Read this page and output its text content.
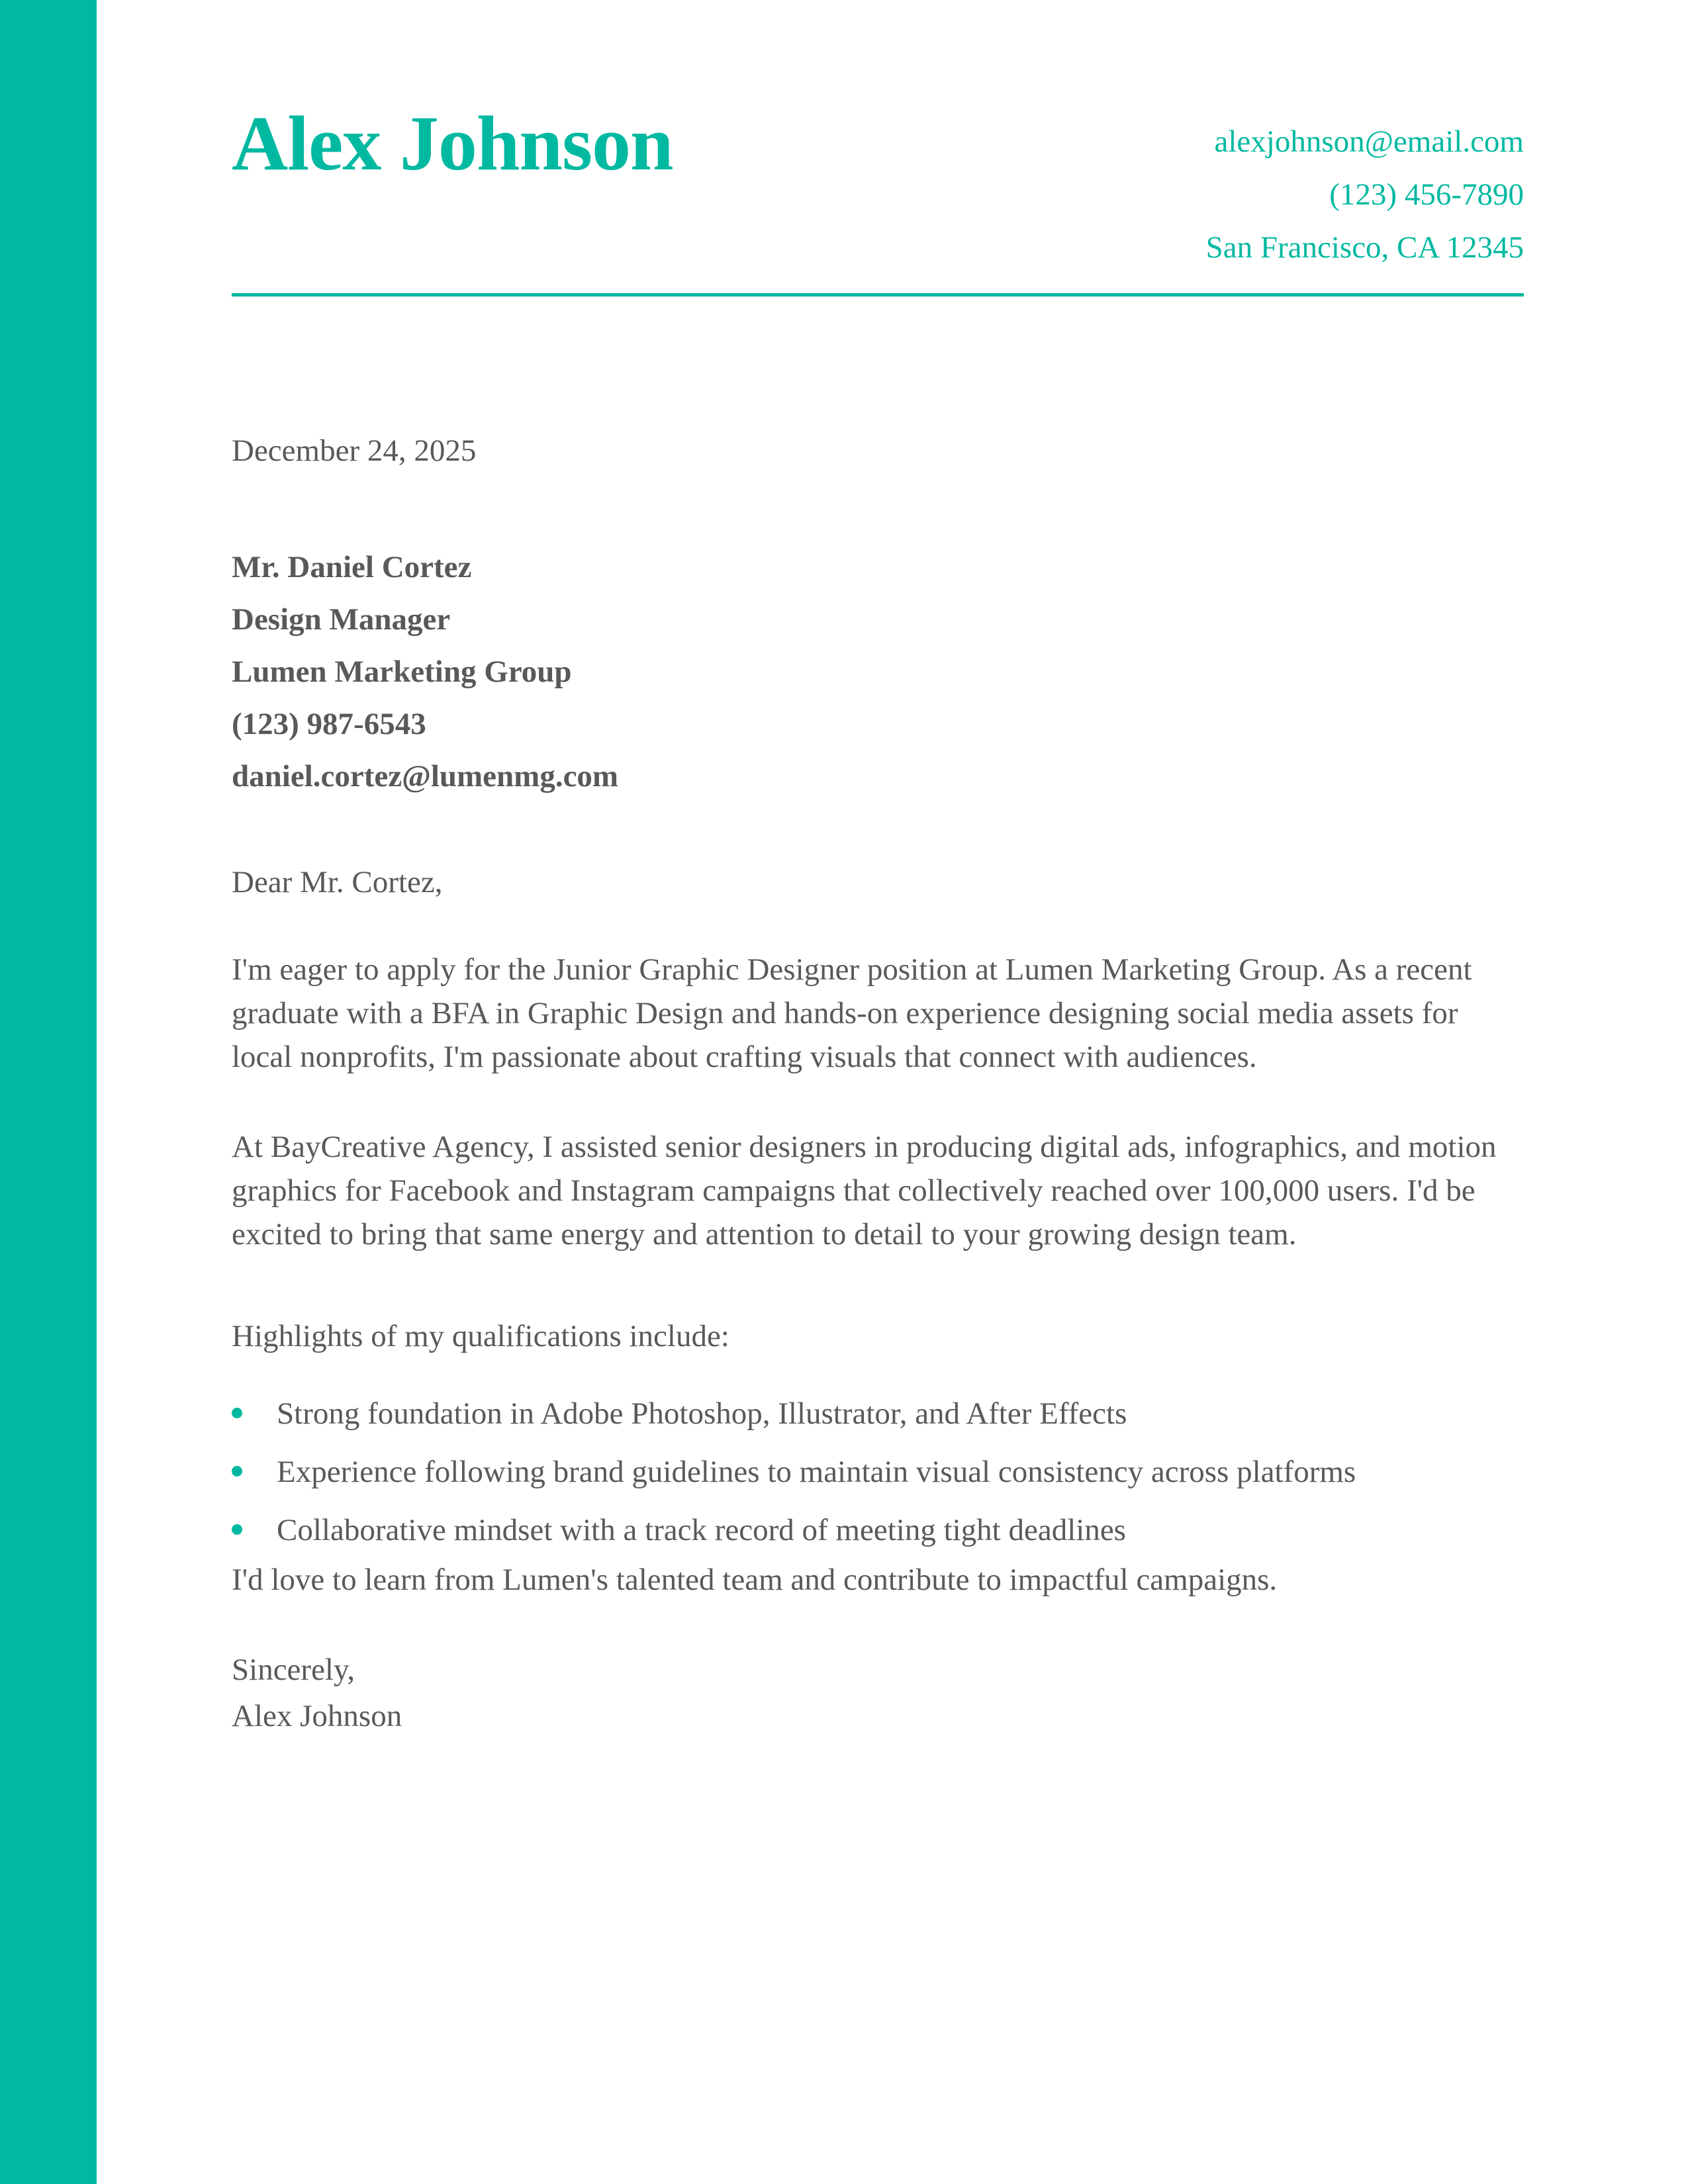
Alex Johnson	alexjohnson@email.com
(123) 456-7890
San Francisco, CA 12345

December 24, 2025

Mr. Daniel Cortez
Design Manager
Lumen Marketing Group
(123) 987-6543
daniel.cortez@lumenmg.com

Dear Mr. Cortez,

I'm eager to apply for the Junior Graphic Designer position at Lumen Marketing Group. As a recent graduate with a BFA in Graphic Design and hands-on experience designing social media assets for local nonprofits, I'm passionate about crafting visuals that connect with audiences.

At BayCreative Agency, I assisted senior designers in producing digital ads, infographics, and motion graphics for Facebook and Instagram campaigns that collectively reached over 100,000 users. I'd be excited to bring that same energy and attention to detail to your growing design team.

Highlights of my qualifications include:

Strong foundation in Adobe Photoshop, Illustrator, and After Effects
Experience following brand guidelines to maintain visual consistency across platforms
Collaborative mindset with a track record of meeting tight deadlines

I'd love to learn from Lumen's talented team and contribute to impactful campaigns.

Sincerely,
Alex Johnson
